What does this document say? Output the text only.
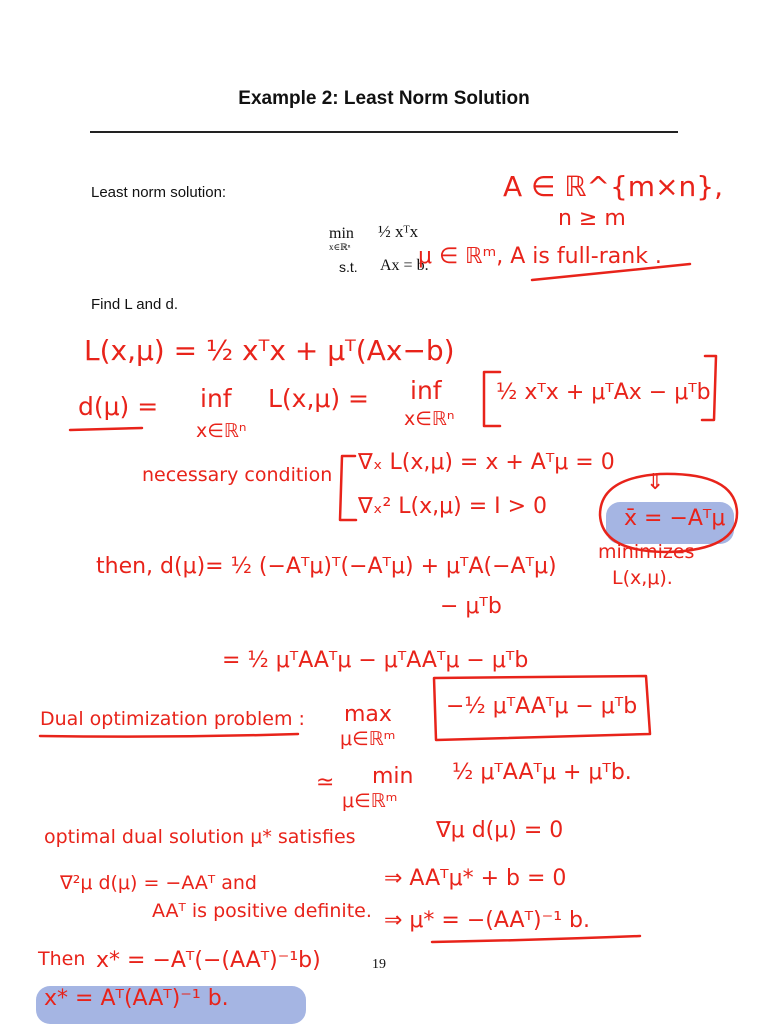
Example 2: Least Norm Solution
Least norm solution:
min
x∈ℝⁿ
½ xᵀx
s.t. Ax = b.
Find L and d.
A ∈ ℝ^{m×n},
n ≥ m
μ ∈ ℝᵐ, A is full-rank .
L(x,μ) = ½ xᵀx + μᵀ(Ax−b)
d(μ) = inf
x∈ℝⁿ
L(x,μ) = inf
x∈ℝⁿ
½ xᵀx + μᵀAx − μᵀb
necessary condition ∇ₓ L(x,μ) = x + Aᵀμ = 0
∇ₓ² L(x,μ) = I > 0
⇓
x̄ = −Aᵀμ
minimizes
L(x,μ).
then, d(μ)= ½ (−Aᵀμ)ᵀ(−Aᵀμ) + μᵀA(−Aᵀμ)
− μᵀb
= ½ μᵀAAᵀμ − μᵀAAᵀμ − μᵀb
Dual optimization problem : max
μ∈ℝᵐ
−½ μᵀAAᵀμ − μᵀb
≃ min
μ∈ℝᵐ
½ μᵀAAᵀμ + μᵀb.
optimal dual solution μ* satisfies	∇μ d(μ) = 0
∇²μ d(μ) = −AAᵀ and	⇒ AAᵀμ* + b = 0
AAᵀ is positive definite. ⇒ μ* = −(AAᵀ)⁻¹ b.
Then x* = −Aᵀ(−(AAᵀ)⁻¹b)
x* = Aᵀ(AAᵀ)⁻¹ b.
19
